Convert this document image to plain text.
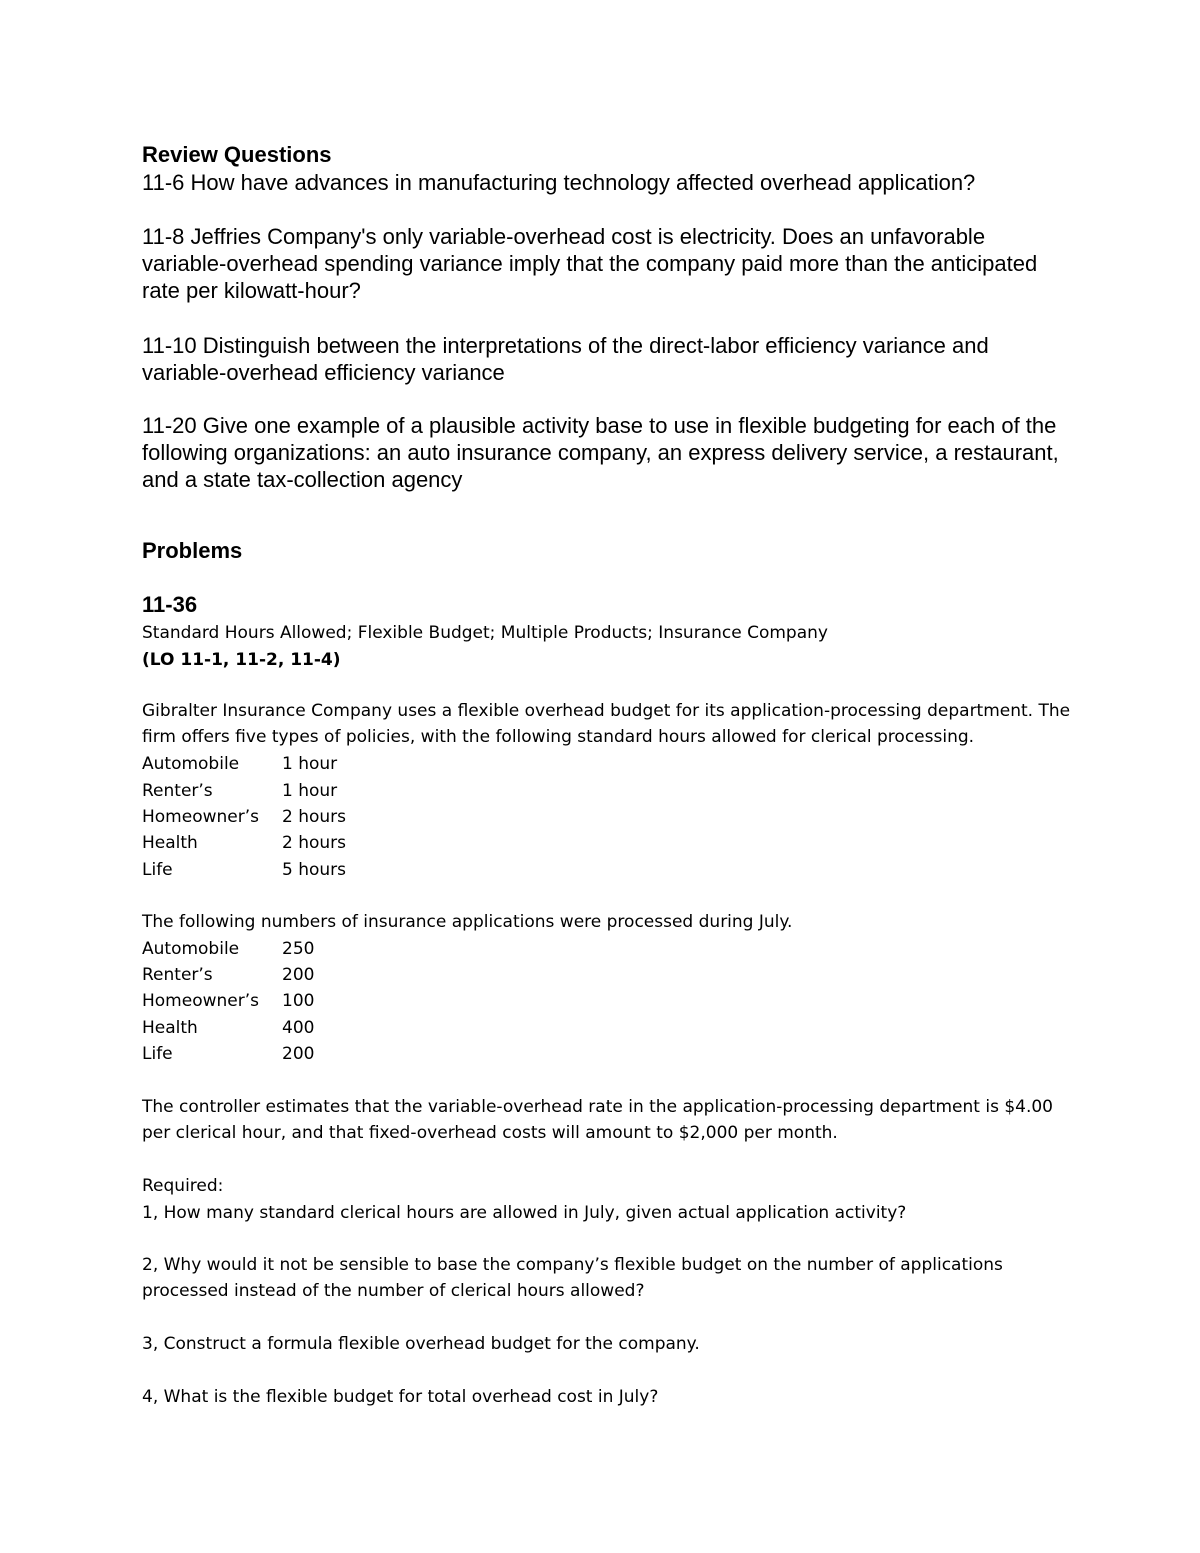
Review Questions

11-6 How have advances in manufacturing technology affected overhead application?

11-8 Jeffries Company's only variable-overhead cost is electricity. Does an unfavorable variable-overhead spending variance imply that the company paid more than the anticipated rate per kilowatt-hour?

11-10 Distinguish between the interpretations of the direct-labor efficiency variance and variable-overhead efficiency variance

11-20 Give one example of a plausible activity base to use in flexible budgeting for each of the following organizations: an auto insurance company, an express delivery service, a restaurant, and a state tax-collection agency

Problems
11-36
Standard Hours Allowed; Flexible Budget; Multiple Products; Insurance Company
(LO 11-1, 11-2, 11-4)

Gibralter Insurance Company uses a flexible overhead budget for its application-processing department. The firm offers five types of policies, with the following standard hours allowed for clerical processing.

Automobile	1 hour
Renter’s	1 hour
Homeowner’s 2 hours
Health	2 hours
Life	5 hours
The following numbers of insurance applications were processed during July.
Automobile	250
Renter’s	200
Homeowner’s 100
Health	400
Life	200

The controller estimates that the variable-overhead rate in the application-processing department is $4.00 per clerical hour, and that fixed-overhead costs will amount to $2,000 per month.

Required:
1, How many standard clerical hours are allowed in July, given actual application activity?

2, Why would it not be sensible to base the company’s flexible budget on the number of applications processed instead of the number of clerical hours allowed?

3, Construct a formula flexible overhead budget for the company.
4, What is the flexible budget for total overhead cost in July?
